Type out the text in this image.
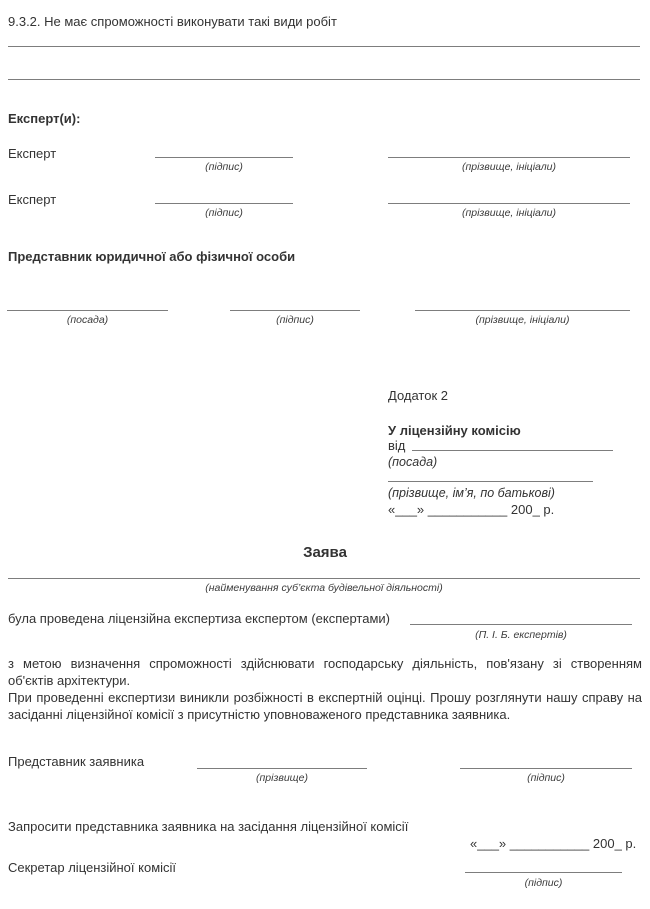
9.3.2. Не має спроможності виконувати такі види робіт
Експерт(и):
Експерт
(підпис)	(прізвище, ініціали)
Експерт
(підпис)	(прізвище, ініціали)
Представник юридичної або фізичної особи
(посада)	(підпис)	(прізвище, ініціали)
Додаток 2
У ліцензійну комісію
від
(посада)
(прізвище, ім’я, по батькові)
«___» ___________ 200_ р.
Заява
(найменування суб’єкта будівельної діяльності)
була проведена ліцензійна експертиза експертом (експертами)
(П. І. Б. експертів)

з метою визначення спроможності здійснювати господарську діяльність, пов'язану зі створенням об'єктів архітектури.

При проведенні експертизи виникли розбіжності в експертній оцінці. Прошу розглянути нашу справу на засіданні ліцензійної комісії з присутністю уповноваженого представника заявника.

Представник заявника
(прізвище)	(підпис)
Запросити представника заявника на засідання ліцензійної комісії
«___» ___________ 200_ р.
Секретар ліцензійної комісії
(підпис)
